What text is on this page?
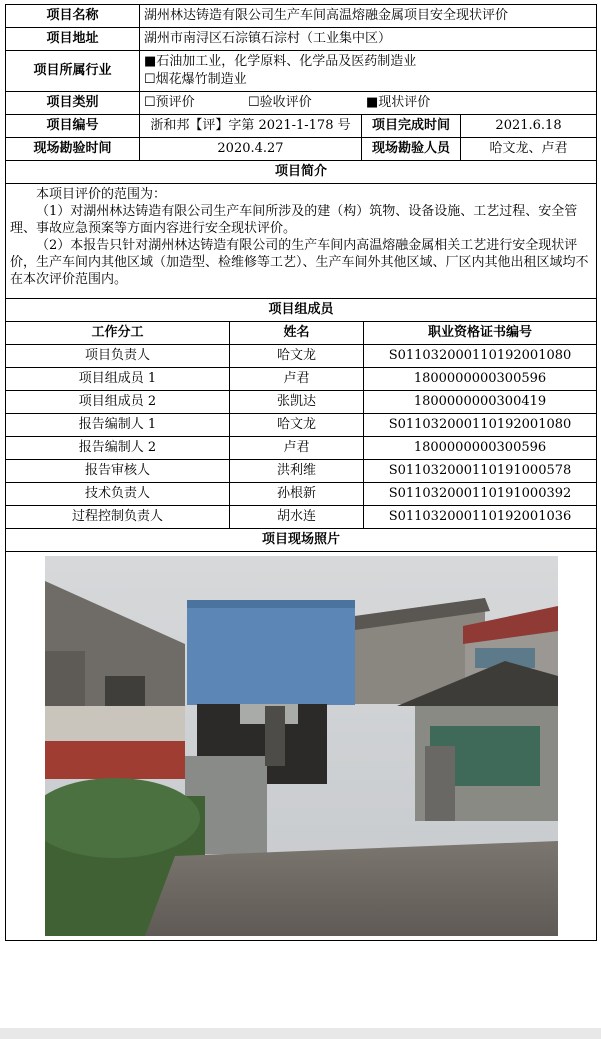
项目名称	湖州林达铸造有限公司生产车间高温熔融金属项目安全现状评价		
项目地址	湖州市南浔区石淙镇石淙村（工业集中区）		
项目所属行业	■石油加工业，化学原料、化学品及医药制造业
☐烟花爆竹制造业		

项目类别	☐预评价 ☐验收评价 ■现状评价		
项目编号	浙和邦【评】字第 2021-1-178 号	项目完成时间	2021.6.18
现场勘验时间	2020.4.27	现场勘验人员	哈文龙、卢君
项目简介			

本项目评价的范围为：

（1）对湖州林达铸造有限公司生产车间所涉及的建（构）筑物、设备设施、工艺过程、安全管理、事故应急预案等方面内容进行安全现状评价。

（2）本报告只针对湖州林达铸造有限公司的生产车间内高温熔融金属相关工艺进行安全现状评价，生产车间内其他区域（加造型、检维修等工艺）、生产车间外其他区域、厂区内其他出租区域均不在本次评价范围内。			

项目组成员		
工作分工	姓名	职业资格证书编号
项目负责人	哈文龙	S011032000110192001080
项目组成员 1	卢君	1800000000300596
项目组成员 2	张凯达	1800000000300419
报告编制人 1	哈文龙	S011032000110192001080
报告编制人 2	卢君	1800000000300596
报告审核人	洪利维	S011032000110191000578
技术负责人	孙根新	S011032000110191000392
过程控制负责人	胡水连	S011032000110192001036
项目现场照片		
